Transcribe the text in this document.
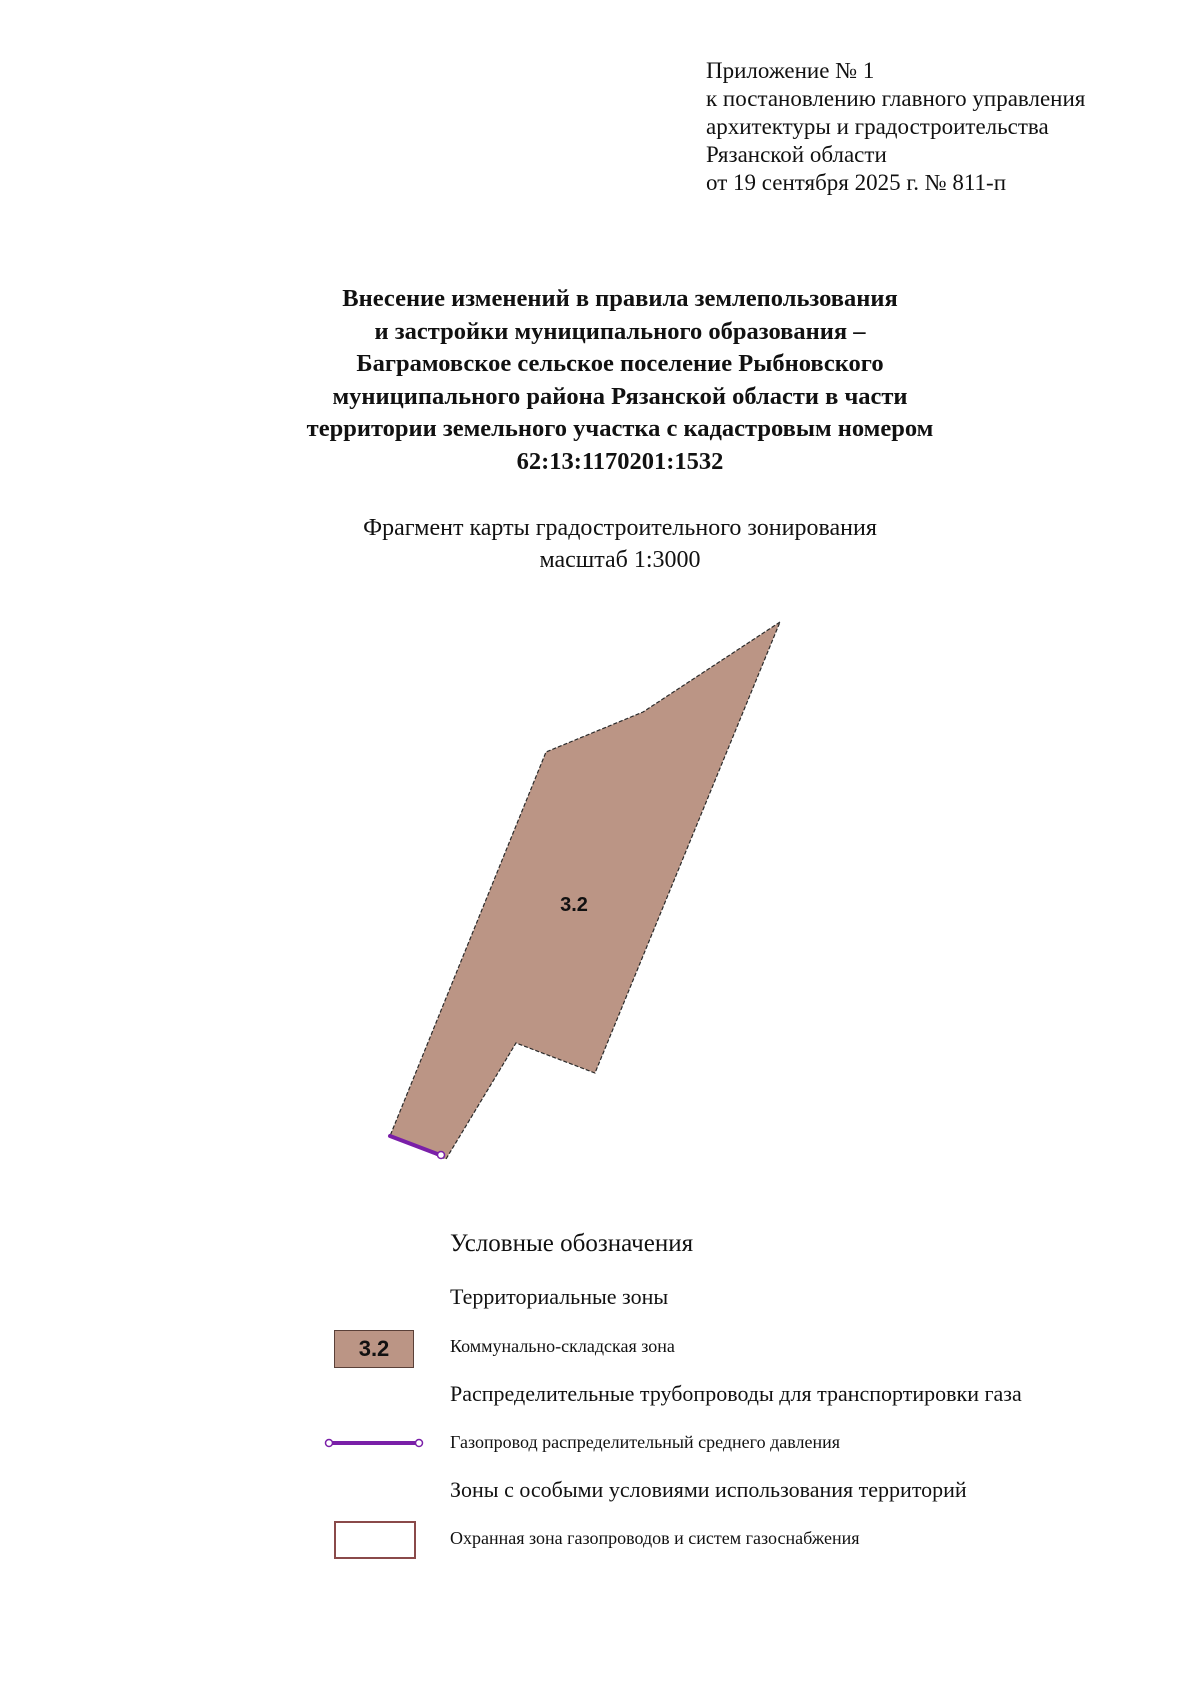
Приложение № 1
к постановлению главного управления
архитектуры и градостроительства
Рязанской области
от 19 сентября 2025 г. № 811-п
Внесение изменений в правила землепользования
и застройки муниципального образования –
Баграмовское сельское поселение Рыбновского
муниципального района Рязанской области в части
территории земельного участка с кадастровым номером
62:13:1170201:1532
Фрагмент карты градостроительного зонирования
масштаб 1:3000
3.2
Условные обозначения
Территориальные зоны
3.2	Коммунально-складская зона
Распределительные трубопроводы для транспортировки газа
Газопровод распределительный среднего давления
Зоны с особыми условиями использования территорий
Охранная зона газопроводов и систем газоснабжения
